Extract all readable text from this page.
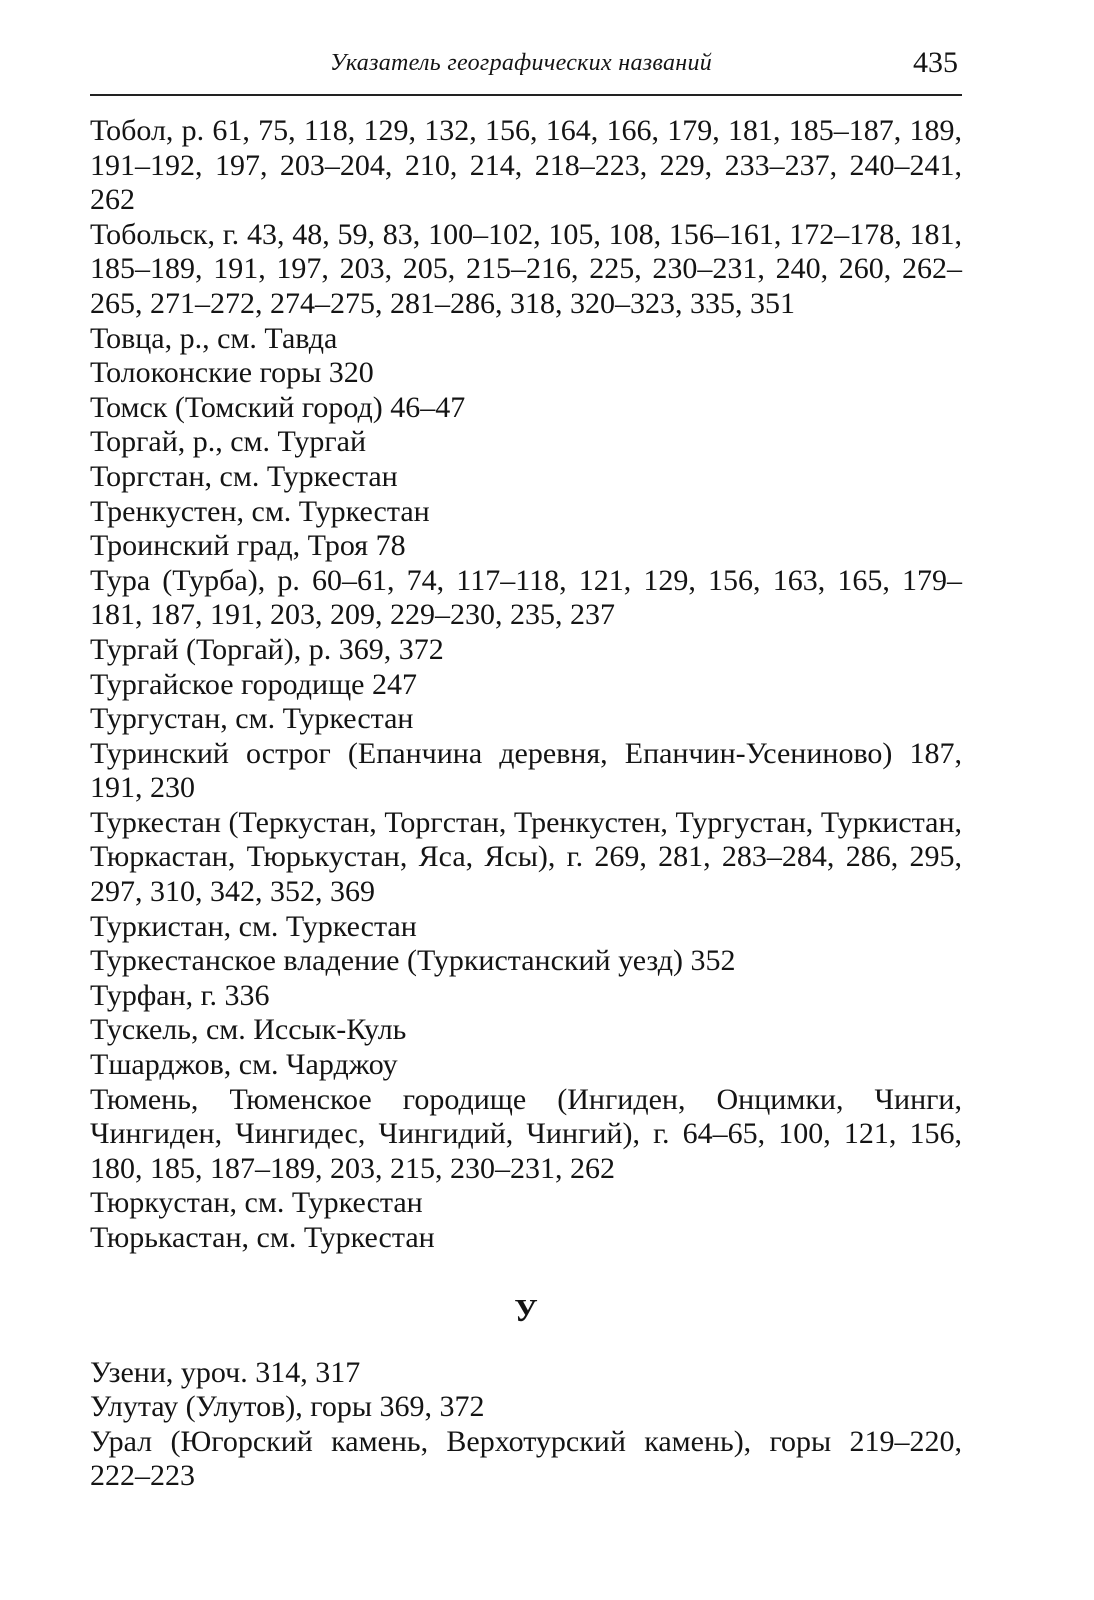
Указатель географических названий	435

Тобол, р. 61, 75, 118, 129, 132, 156, 164, 166, 179, 181, 185–187, 189, 191–192, 197, 203–204, 210, 214, 218–223, 229, 233–237, 240–241, 262

Тобольск, г. 43, 48, 59, 83, 100–102, 105, 108, 156–161, 172–178, 181, 185–189, 191, 197, 203, 205, 215–216, 225, 230–231, 240, 260, 262–265, 271–272, 274–275, 281–286, 318, 320–323, 335, 351

Товца, р., см. Тавда

Толоконские горы 320

Томск (Томский город) 46–47

Торгай, р., см. Тургай

Торгстан, см. Туркестан

Тренкустен, см. Туркестан

Троинский град, Троя 78

Тура (Турба), р. 60–61, 74, 117–118, 121, 129, 156, 163, 165, 179–181, 187, 191, 203, 209, 229–230, 235, 237

Тургай (Торгай), р. 369, 372

Тургайское городище 247

Тургустан, см. Туркестан

Туринский острог (Епанчина деревня, Епанчин-Усениново) 187, 191, 230

Туркестан (Теркустан, Торгстан, Тренкустен, Тургустан, Туркистан, Тюркастан, Тюрькустан, Яса, Ясы), г. 269, 281, 283–284, 286, 295, 297, 310, 342, 352, 369

Туркистан, см. Туркестан

Туркестанское владение (Туркистанский уезд) 352

Турфан, г. 336

Тускель, см. Иссык-Куль

Тшарджов, см. Чарджоу

Тюмень, Тюменское городище (Ингиден, Онцимки, Чинги, Чингиден, Чингидес, Чингидий, Чингий), г. 64–65, 100, 121, 156, 180, 185, 187–189, 203, 215, 230–231, 262

Тюркустан, см. Туркестан

Тюрькастан, см. Туркестан

У

Узени, уроч. 314, 317

Улутау (Улутов), горы 369, 372

Урал (Югорский камень, Верхотурский камень), горы 219–220, 222–223
